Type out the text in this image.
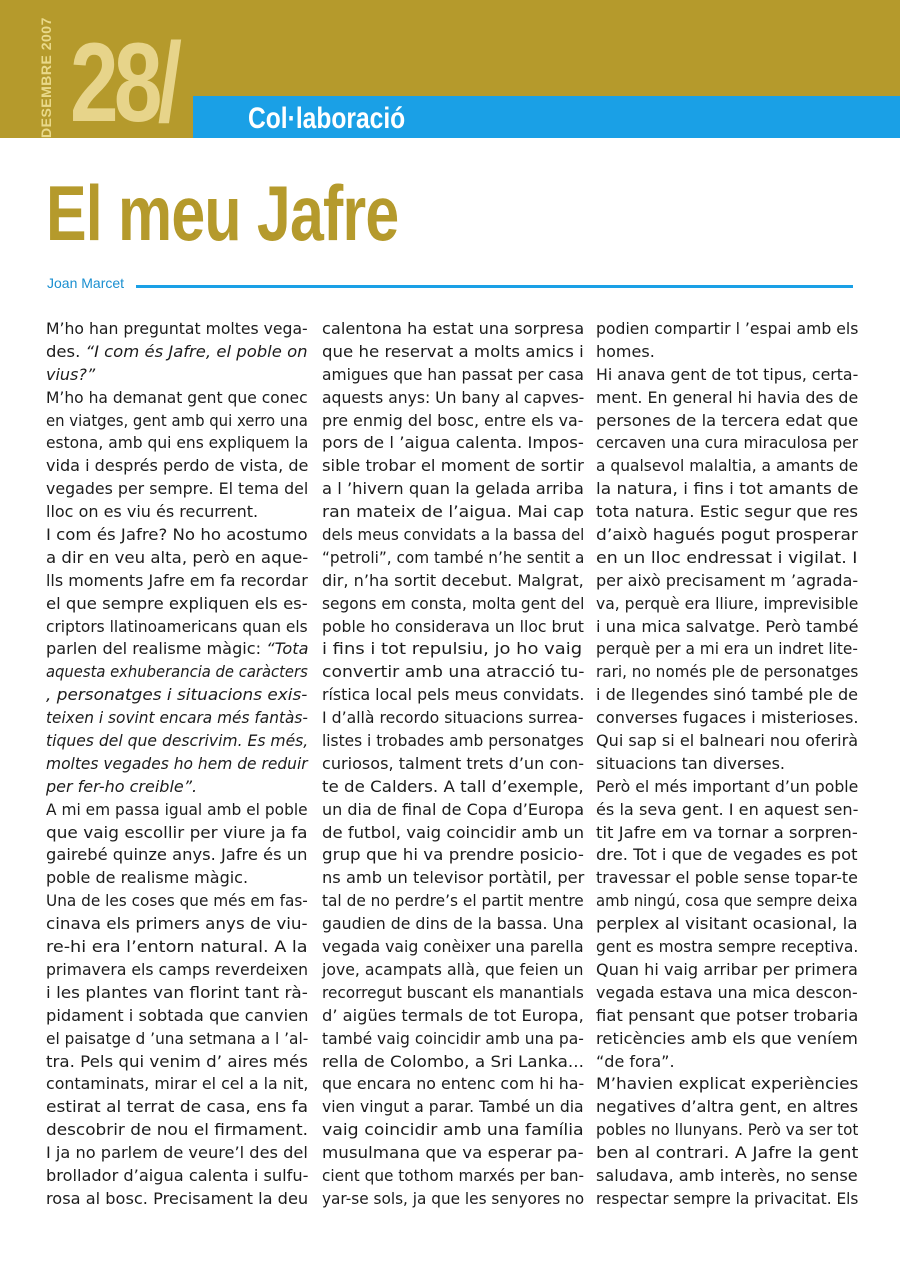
DESEMBRE 2007 28/ Col·laboració
El meu Jafre
Joan Marcet
M’ho han preguntat moltes vega-
des. “I com és Jafre, el poble on
vius?”
M’ho ha demanat gent que conec
en viatges, gent amb qui xerro una
estona, amb qui ens expliquem la
vida i després perdo de vista, de
vegades per sempre. El tema del
lloc on es viu és recurrent.
I com és Jafre? No ho acostumo
a dir en veu alta, però en aque-
lls moments Jafre em fa recordar
el que sempre expliquen els es-
criptors llatinoamericans quan els
parlen del realisme màgic: “Tota
aquesta exhuberancia de caràcters
, personatges i situacions exis-
teixen i sovint encara més fantàs-
tiques del que descrivim. Es més,
moltes vegades ho hem de reduir
per fer-ho creible”.
A mi em passa igual amb el poble
que vaig escollir per viure ja fa
gairebé quinze anys. Jafre és un
poble de realisme màgic.
Una de les coses que més em fas-
cinava els primers anys de viu-
re-hi era l’entorn natural. A la
primavera els camps reverdeixen
i les plantes van florint tant rà-
pidament i sobtada que canvien
el paisatge d ’una setmana a l ’al-
tra. Pels qui venim d’ aires més
contaminats, mirar el cel a la nit,
estirat al terrat de casa, ens fa
descobrir de nou el firmament.
I ja no parlem de veure’l des del
brollador d’aigua calenta i sulfu-
rosa al bosc. Precisament la deu
calentona ha estat una sorpresa
que he reservat a molts amics i
amigues que han passat per casa
aquests anys: Un bany al capves-
pre enmig del bosc, entre els va-
pors de l ’aigua calenta. Impos-
sible trobar el moment de sortir
a l ’hivern quan la gelada arriba
ran mateix de l’aigua. Mai cap
dels meus convidats a la bassa del
“petroli”, com també n’he sentit a
dir, n’ha sortit decebut. Malgrat,
segons em consta, molta gent del
poble ho considerava un lloc brut
i fins i tot repulsiu, jo ho vaig
convertir amb una atracció tu-
rística local pels meus convidats.
I d’allà recordo situacions surrea-
listes i trobades amb personatges
curiosos, talment trets d’un con-
te de Calders. A tall d’exemple,
un dia de final de Copa d’Europa
de futbol, vaig coincidir amb un
grup que hi va prendre posicio-
ns amb un televisor portàtil, per
tal de no perdre’s el partit mentre
gaudien de dins de la bassa. Una
vegada vaig conèixer una parella
jove, acampats allà, que feien un
recorregut buscant els manantials
d’ aigües termals de tot Europa,
també vaig coincidir amb una pa-
rella de Colombo, a Sri Lanka...
que encara no entenc com hi ha-
vien vingut a parar. També un dia
vaig coincidir amb una família
musulmana que va esperar pa-
cient que tothom marxés per ban-
yar-se sols, ja que les senyores no
podien compartir l ’espai amb els
homes.
Hi anava gent de tot tipus, certa-
ment. En general hi havia des de
persones de la tercera edat que
cercaven una cura miraculosa per
a qualsevol malaltia, a amants de
la natura, i fins i tot amants de
tota natura. Estic segur que res
d’això hagués pogut prosperar
en un lloc endressat i vigilat. I
per això precisament m ’agrada-
va, perquè era lliure, imprevisible
i una mica salvatge. Però també
perquè per a mi era un indret lite-
rari, no només ple de personatges
i de llegendes sinó també ple de
converses fugaces i misterioses.
Qui sap si el balneari nou oferirà
situacions tan diverses.
Però el més important d’un poble
és la seva gent. I en aquest sen-
tit Jafre em va tornar a sorpren-
dre. Tot i que de vegades es pot
travessar el poble sense topar-te
amb ningú, cosa que sempre deixa
perplex al visitant ocasional, la
gent es mostra sempre receptiva.
Quan hi vaig arribar per primera
vegada estava una mica descon-
fiat pensant que potser trobaria
reticències amb els que veníem
“de fora”.
M’havien explicat experiències
negatives d’altra gent, en altres
pobles no llunyans. Però va ser tot
ben al contrari. A Jafre la gent
saludava, amb interès, no sense
respectar sempre la privacitat. Els
